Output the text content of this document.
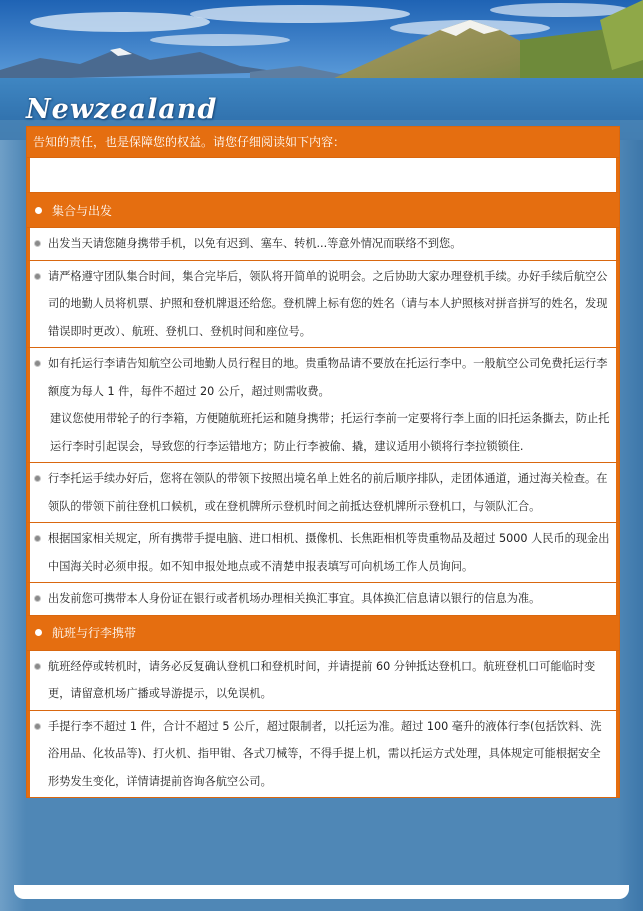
Newzealand
告知的责任，也是保障您的权益。请您仔细阅读如下内容：
集合与出发

出发当天请您随身携带手机，以免有迟到、塞车、转机...等意外情况而联络不到您。

请严格遵守团队集合时间，集合完毕后，领队将开简单的说明会。之后协助大家办理登机手续。办好手续后航空公司的地勤人员将机票、护照和登机牌退还给您。登机牌上标有您的姓名（请与本人护照核对拼音拼写的姓名，发现错误即时更改）、航班、登机口、登机时间和座位号。

如有托运行李请告知航空公司地勤人员行程目的地。贵重物品请不要放在托运行李中。一般航空公司免费托运行李额度为每人 1 件，每件不超过 20 公斤，超过则需收费。

建议您使用带轮子的行李箱，方便随航班托运和随身携带；托运行李前一定要将行李上面的旧托运条撕去，防止托运行李时引起误会，导致您的行李运错地方；防止行李被偷、撬，建议适用小锁将行李拉锁锁住.

行李托运手续办好后，您将在领队的带领下按照出境名单上姓名的前后顺序排队，走团体通道，通过海关检查。在领队的带领下前往登机口候机，或在登机牌所示登机时间之前抵达登机牌所示登机口，与领队汇合。

根据国家相关规定，所有携带手提电脑、进口相机、摄像机、长焦距相机等贵重物品及超过 5000 人民币的现金出中国海关时必须申报。如不知申报处地点或不清楚申报表填写可向机场工作人员询问。

出发前您可携带本人身份证在银行或者机场办理相关换汇事宜。具体换汇信息请以银行的信息为准。

航班与行李携带

航班经停或转机时，请务必反复确认登机口和登机时间，并请提前 60 分钟抵达登机口。航班登机口可能临时变更，请留意机场广播或导游提示，以免误机。

手提行李不超过 1 件，合计不超过 5 公斤，超过限制者，以托运为准。超过 100 毫升的液体行李(包括饮料、洗浴用品、化妆品等)、打火机、指甲钳、各式刀械等，不得手提上机，需以托运方式处理，具体规定可能根据安全形势发生变化，详情请提前咨询各航空公司。
